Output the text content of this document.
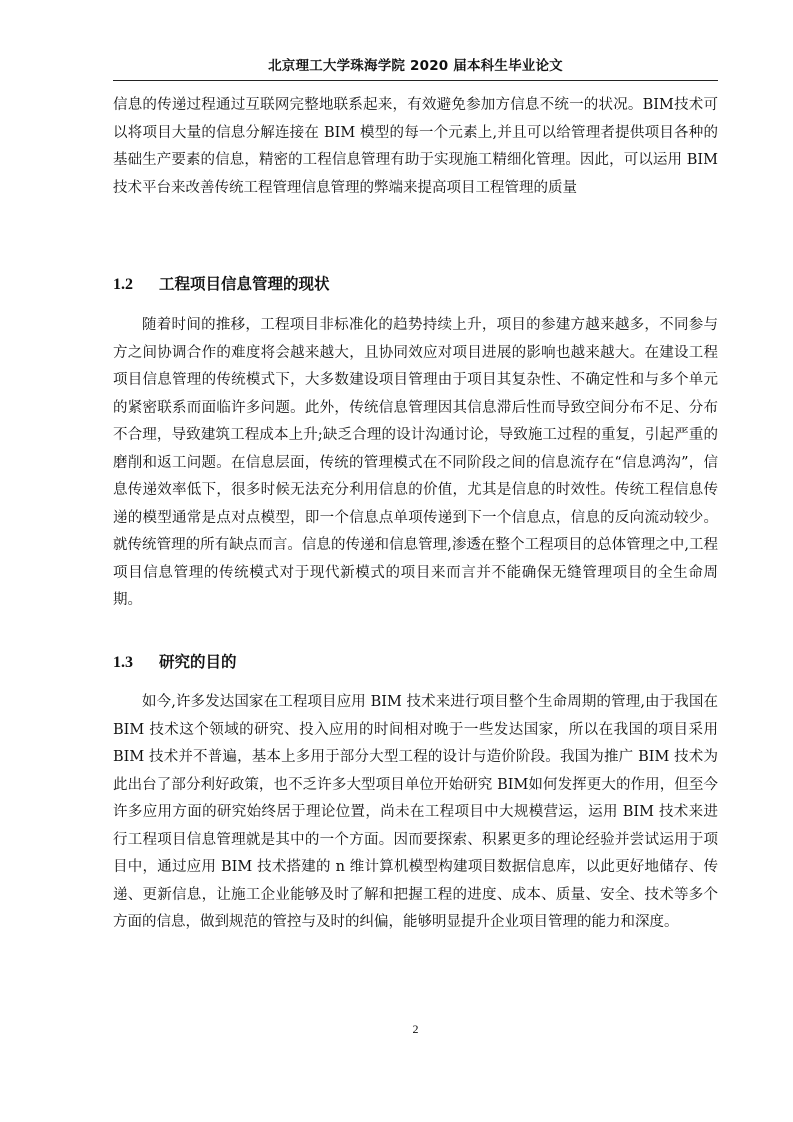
北京理工大学珠海学院 2020 届本科生毕业论文

信息的传递过程通过互联网完整地联系起来，有效避免参加方信息不统一的状况。BIM技术可以将项目大量的信息分解连接在 BIM 模型的每一个元素上,并且可以给管理者提供项目各种的基础生产要素的信息，精密的工程信息管理有助于实现施工精细化管理。因此，可以运用 BIM 技术平台来改善传统工程管理信息管理的弊端来提高项目工程管理的质量

1.2 工程项目信息管理的现状

随着时间的推移，工程项目非标准化的趋势持续上升，项目的参建方越来越多，不同参与方之间协调合作的难度将会越来越大，且协同效应对项目进展的影响也越来越大。在建设工程项目信息管理的传统模式下，大多数建设项目管理由于项目其复杂性、不确定性和与多个单元的紧密联系而面临许多问题。此外，传统信息管理因其信息滞后性而导致空间分布不足、分布不合理，导致建筑工程成本上升;缺乏合理的设计沟通讨论，导致施工过程的重复，引起严重的磨削和返工问题。在信息层面，传统的管理模式在不同阶段之间的信息流存在“信息鸿沟”，信息传递效率低下，很多时候无法充分利用信息的价值，尤其是信息的时效性。传统工程信息传递的模型通常是点对点模型，即一个信息点单项传递到下一个信息点，信息的反向流动较少。就传统管理的所有缺点而言。信息的传递和信息管理,渗透在整个工程项目的总体管理之中,工程项目信息管理的传统模式对于现代新模式的项目来而言并不能确保无缝管理项目的全生命周期。

1.3 研究的目的

如今,许多发达国家在工程项目应用 BIM 技术来进行项目整个生命周期的管理,由于我国在 BIM 技术这个领域的研究、投入应用的时间相对晚于一些发达国家，所以在我国的项目采用 BIM 技术并不普遍，基本上多用于部分大型工程的设计与造价阶段。我国为推广 BIM 技术为此出台了部分利好政策，也不乏许多大型项目单位开始研究 BIM如何发挥更大的作用，但至今许多应用方面的研究始终居于理论位置，尚未在工程项目中大规模营运，运用 BIM 技术来进行工程项目信息管理就是其中的一个方面。因而要探索、积累更多的理论经验并尝试运用于项目中，通过应用 BIM 技术搭建的 n 维计算机模型构建项目数据信息库，以此更好地储存、传递、更新信息，让施工企业能够及时了解和把握工程的进度、成本、质量、安全、技术等多个方面的信息，做到规范的管控与及时的纠偏，能够明显提升企业项目管理的能力和深度。

2
